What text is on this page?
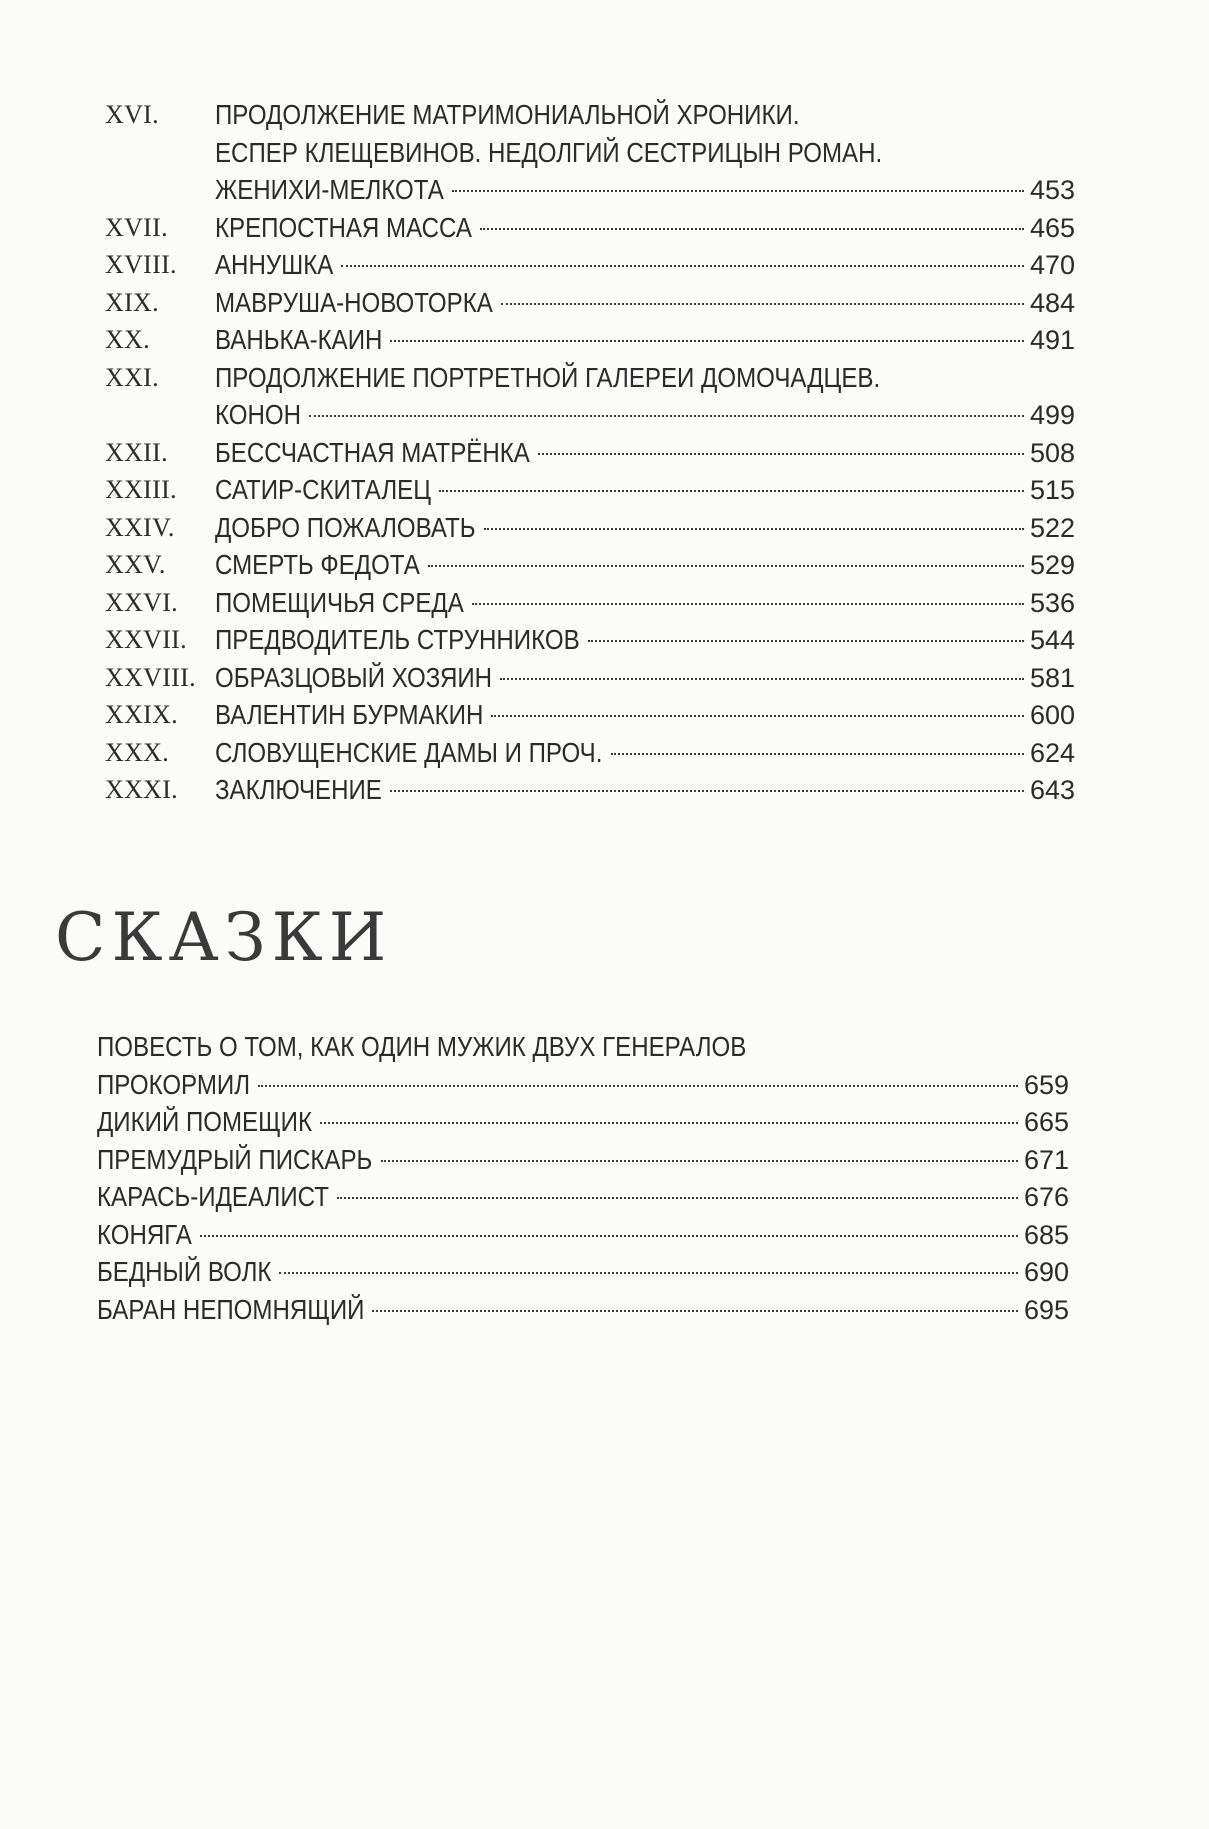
XVI. ПРОДОЛЖЕНИЕ МАТРИМОНИАЛЬНОЙ ХРОНИКИ.
ЕСПЕР КЛЕЩЕВИНОВ. НЕДОЛГИЙ СЕСТРИЦЫН РОМАН.
ЖЕНИХИ-МЕЛКОТА	453
XVII. КРЕПОСТНАЯ МАССА	465
XVIII. АННУШКА	470
XIX. МАВРУША-НОВОТОРКА	484
XX. ВАНЬКА-КАИН	491
XXI. ПРОДОЛЖЕНИЕ ПОРТРЕТНОЙ ГАЛЕРЕИ ДОМОЧАДЦЕВ.
КОНОН	499
XXII. БЕССЧАСТНАЯ МАТРЁНКА	508
XXIII. САТИР-СКИТАЛЕЦ	515
XXIV. ДОБРО ПОЖАЛОВАТЬ	522
XXV. СМЕРТЬ ФЕДОТА	529
XXVI. ПОМЕЩИЧЬЯ СРЕДА	536
XXVII. ПРЕДВОДИТЕЛЬ СТРУННИКОВ	544
XXVIII. ОБРАЗЦОВЫЙ ХОЗЯИН	581
XXIX. ВАЛЕНТИН БУРМАКИН	600
XXX. СЛОВУЩЕНСКИЕ ДАМЫ И ПРОЧ.	624
XXXI. ЗАКЛЮЧЕНИЕ	643
СКАЗКИ
ПОВЕСТЬ О ТОМ, КАК ОДИН МУЖИК ДВУХ ГЕНЕРАЛОВ
ПРОКОРМИЛ	659
ДИКИЙ ПОМЕЩИК	665
ПРЕМУДРЫЙ ПИСКАРЬ	671
КАРАСЬ-ИДЕАЛИСТ	676
КОНЯГА	685
БЕДНЫЙ ВОЛК	690
БАРАН НЕПОМНЯЩИЙ	695
